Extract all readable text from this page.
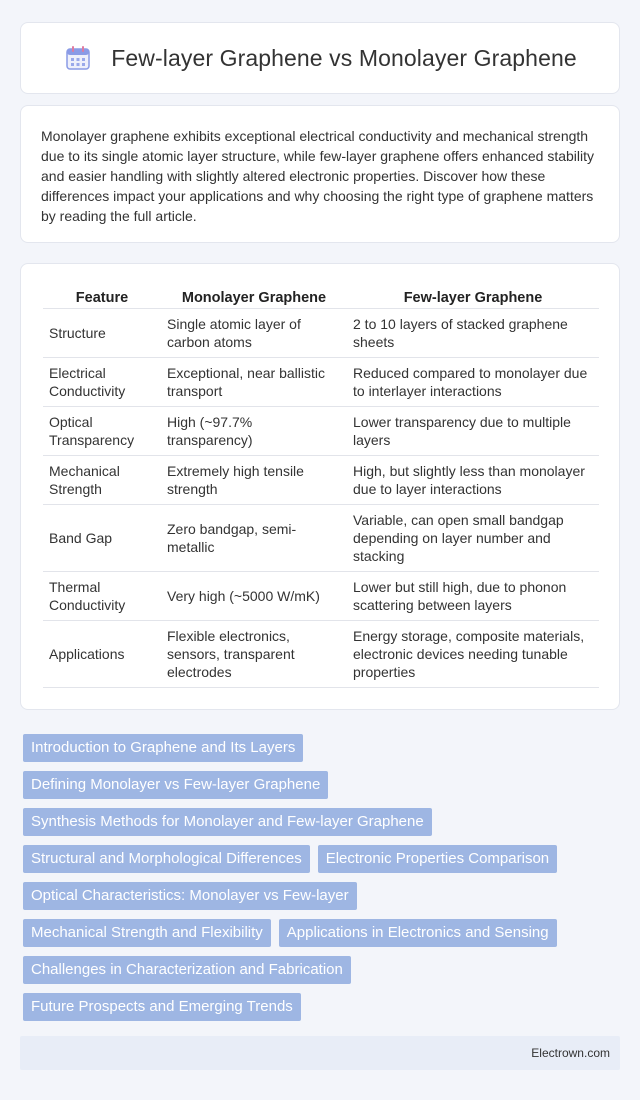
Few-layer Graphene vs Monolayer Graphene

Monolayer graphene exhibits exceptional electrical conductivity and mechanical strength due to its single atomic layer structure, while few-layer graphene offers enhanced stability and easier handling with slightly altered electronic properties. Discover how these differences impact your applications and why choosing the right type of graphene matters by reading the full article.

Feature	Monolayer Graphene	Few-layer Graphene
Structure	Single atomic layer of carbon atoms	2 to 10 layers of stacked graphene sheets
Electrical Conductivity	Exceptional, near ballistic transport	Reduced compared to monolayer due to interlayer interactions
Optical Transparency	High (~97.7% transparency)	Lower transparency due to multiple layers
Mechanical Strength	Extremely high tensile strength	High, but slightly less than monolayer due to layer interactions
Band Gap	Zero bandgap, semi-metallic	Variable, can open small bandgap depending on layer number and stacking
Thermal Conductivity	Very high (~5000 W/mK)	Lower but still high, due to phonon scattering between layers
Applications	Flexible electronics, sensors, transparent electrodes	Energy storage, composite materials, electronic devices needing tunable properties
Introduction to Graphene and Its Layers
Defining Monolayer vs Few-layer Graphene
Synthesis Methods for Monolayer and Few-layer Graphene
Structural and Morphological Differences	Electronic Properties Comparison
Optical Characteristics: Monolayer vs Few-layer
Mechanical Strength and Flexibility	Applications in Electronics and Sensing
Challenges in Characterization and Fabrication
Future Prospects and Emerging Trends
Electrown.com
